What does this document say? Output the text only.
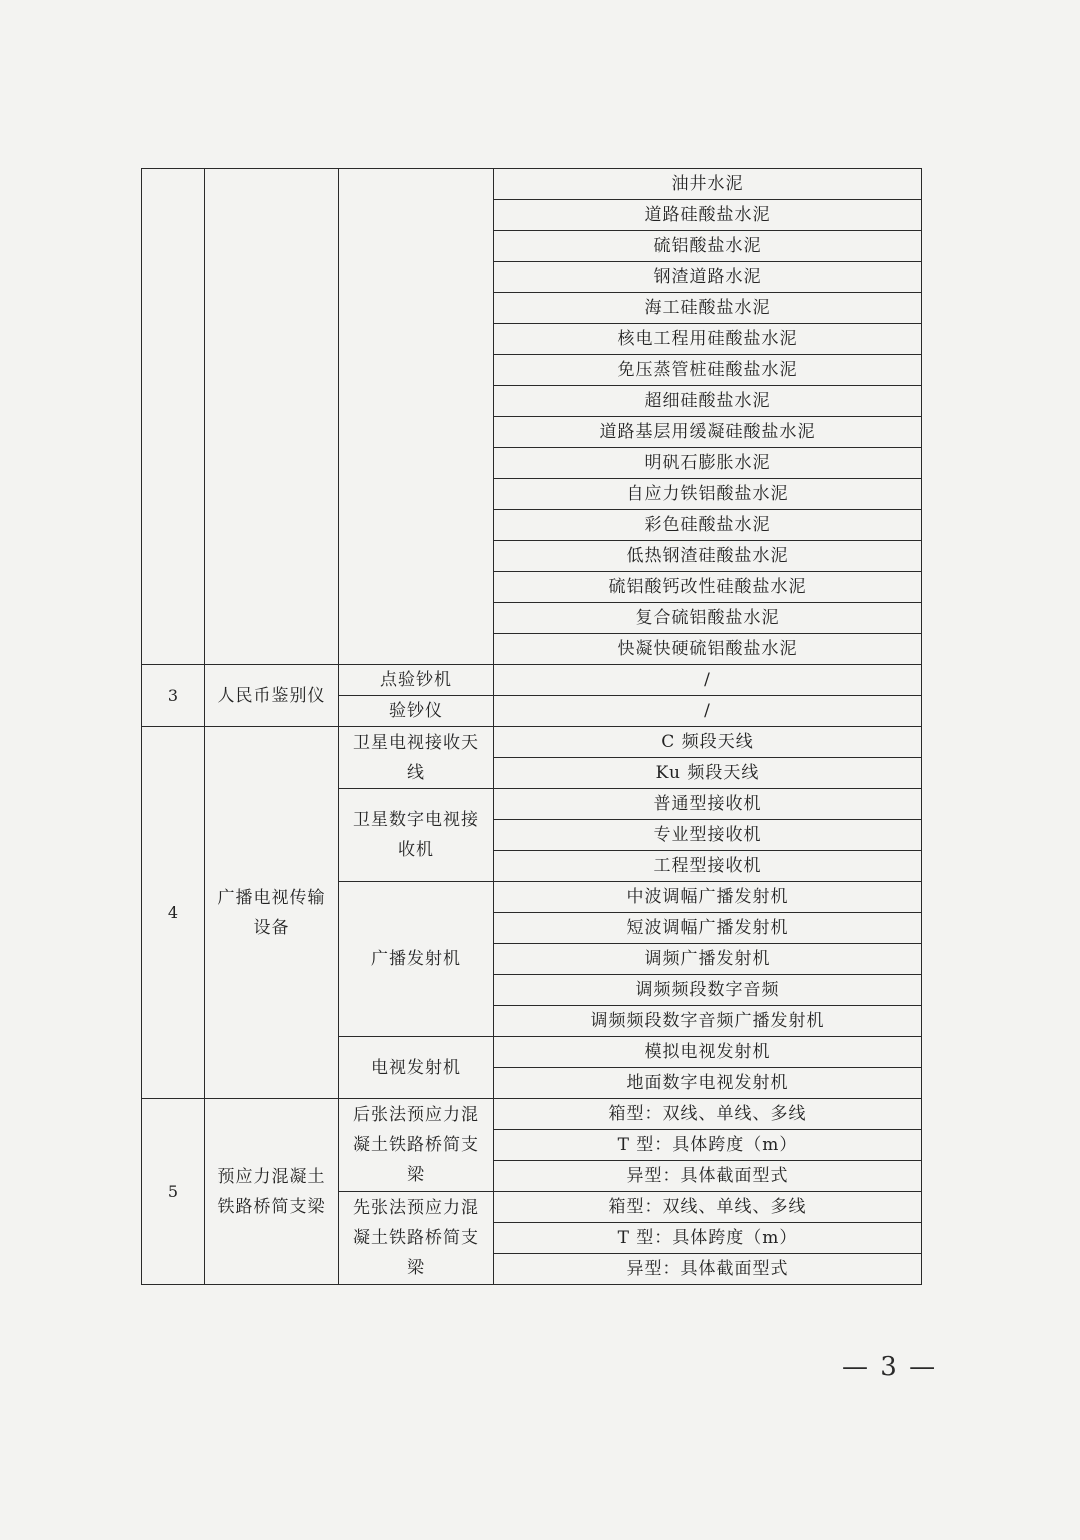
			油井水泥
			道路硅酸盐水泥
			硫铝酸盐水泥
			钢渣道路水泥
			海工硅酸盐水泥
			核电工程用硅酸盐水泥
			免压蒸管桩硅酸盐水泥
			超细硅酸盐水泥
			道路基层用缓凝硅酸盐水泥
			明矾石膨胀水泥
			自应力铁铝酸盐水泥
			彩色硅酸盐水泥
			低热钢渣硅酸盐水泥
			硫铝酸钙改性硅酸盐水泥
			复合硫铝酸盐水泥
			快凝快硬硫铝酸盐水泥
3	人民币鉴别仪	点验钞机	/
		验钞仪	/
4	广播电视传输设备	卫星电视接收天线	C 频段天线
			Ku 频段天线
		卫星数字电视接收机	普通型接收机
			专业型接收机
			工程型接收机
		广播发射机	中波调幅广播发射机
			短波调幅广播发射机
			调频广播发射机
			调频频段数字音频
			调频频段数字音频广播发射机
		电视发射机	模拟电视发射机
			地面数字电视发射机
5	预应力混凝土铁路桥简支梁	后张法预应力混凝土铁路桥简支梁	箱型：双线、单线、多线
			T 型：具体跨度（m）
			异型：具体截面型式
		先张法预应力混凝土铁路桥简支梁	箱型：双线、单线、多线
			T 型：具体跨度（m）
			异型：具体截面型式
— 3 —
